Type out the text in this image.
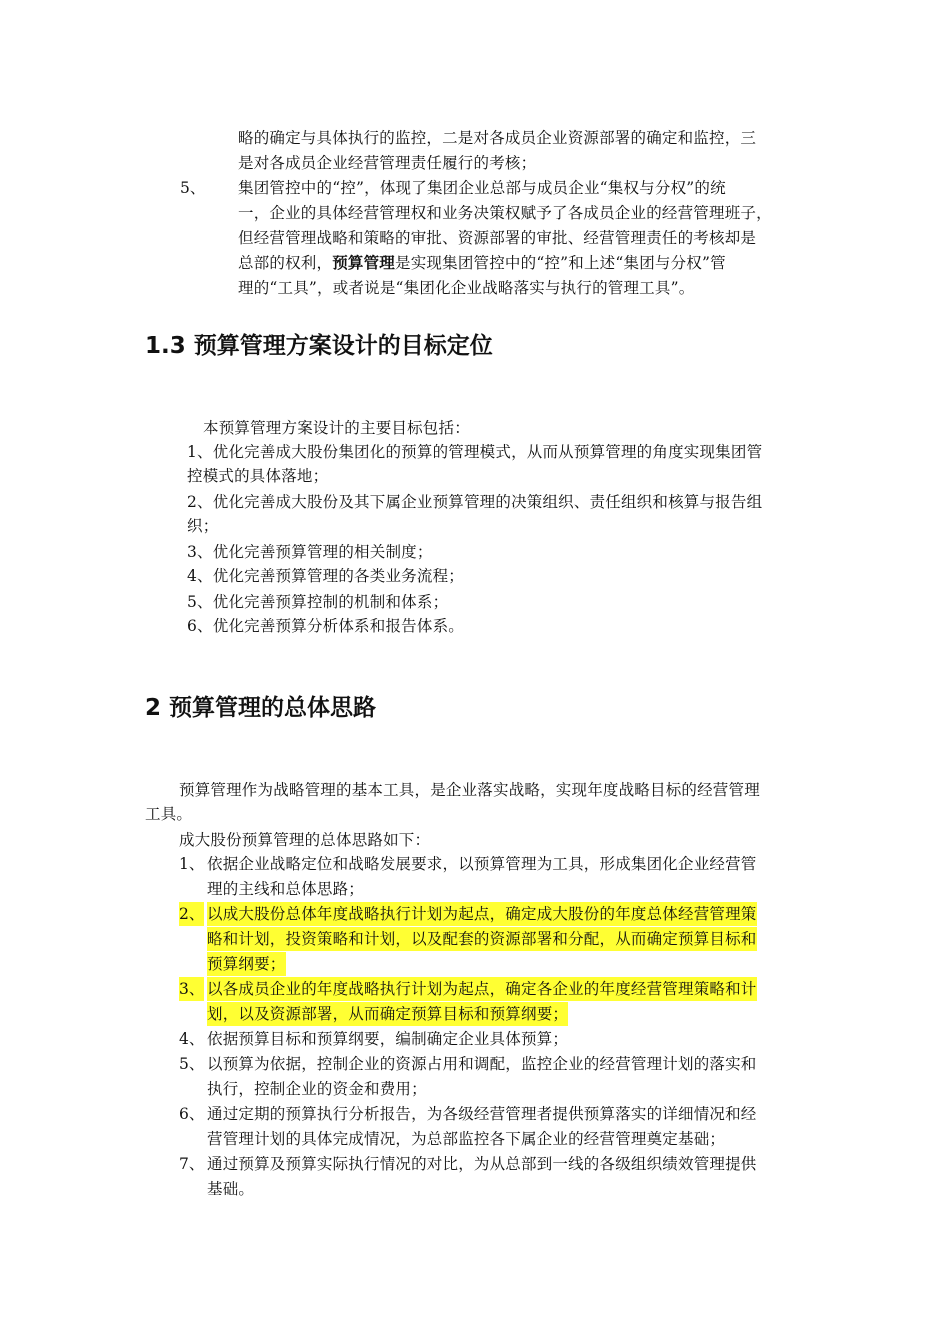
略的确定与具体执行的监控，二是对各成员企业资源部署的确定和监控，三
是对各成员企业经营管理责任履行的考核；
5、 集团管控中的“控”，体现了集团企业总部与成员企业“集权与分权”的统
一，企业的具体经营管理权和业务决策权赋予了各成员企业的经营管理班子，
但经营管理战略和策略的审批、资源部署的审批、经营管理责任的考核却是
总部的权利，预算管理是实现集团管控中的“控”和上述“集团与分权”管
理的“工具”，或者说是“集团化企业战略落实与执行的管理工具”。
1.3 预算管理方案设计的目标定位
本预算管理方案设计的主要目标包括：
1、优化完善成大股份集团化的预算的管理模式，从而从预算管理的角度实现集团管
控模式的具体落地；
2、优化完善成大股份及其下属企业预算管理的决策组织、责任组织和核算与报告组
织；
3、优化完善预算管理的相关制度；
4、优化完善预算管理的各类业务流程；
5、优化完善预算控制的机制和体系；
6、优化完善预算分析体系和报告体系。
2 预算管理的总体思路
预算管理作为战略管理的基本工具，是企业落实战略，实现年度战略目标的经营管理
工具。
成大股份预算管理的总体思路如下：
1、 依据企业战略定位和战略发展要求，以预算管理为工具，形成集团化企业经营管
理的主线和总体思路；
2、 以成大股份总体年度战略执行计划为起点，确定成大股份的年度总体经营管理策
略和计划，投资策略和计划，以及配套的资源部署和分配，从而确定预算目标和
预算纲要；
3、 以各成员企业的年度战略执行计划为起点，确定各企业的年度经营管理策略和计
划，以及资源部署，从而确定预算目标和预算纲要；
4、 依据预算目标和预算纲要，编制确定企业具体预算；
5、 以预算为依据，控制企业的资源占用和调配，监控企业的经营管理计划的落实和
执行，控制企业的资金和费用；
6、 通过定期的预算执行分析报告，为各级经营管理者提供预算落实的详细情况和经
营管理计划的具体完成情况，为总部监控各下属企业的经营管理奠定基础；
7、 通过预算及预算实际执行情况的对比，为从总部到一线的各级组织绩效管理提供
基础。
